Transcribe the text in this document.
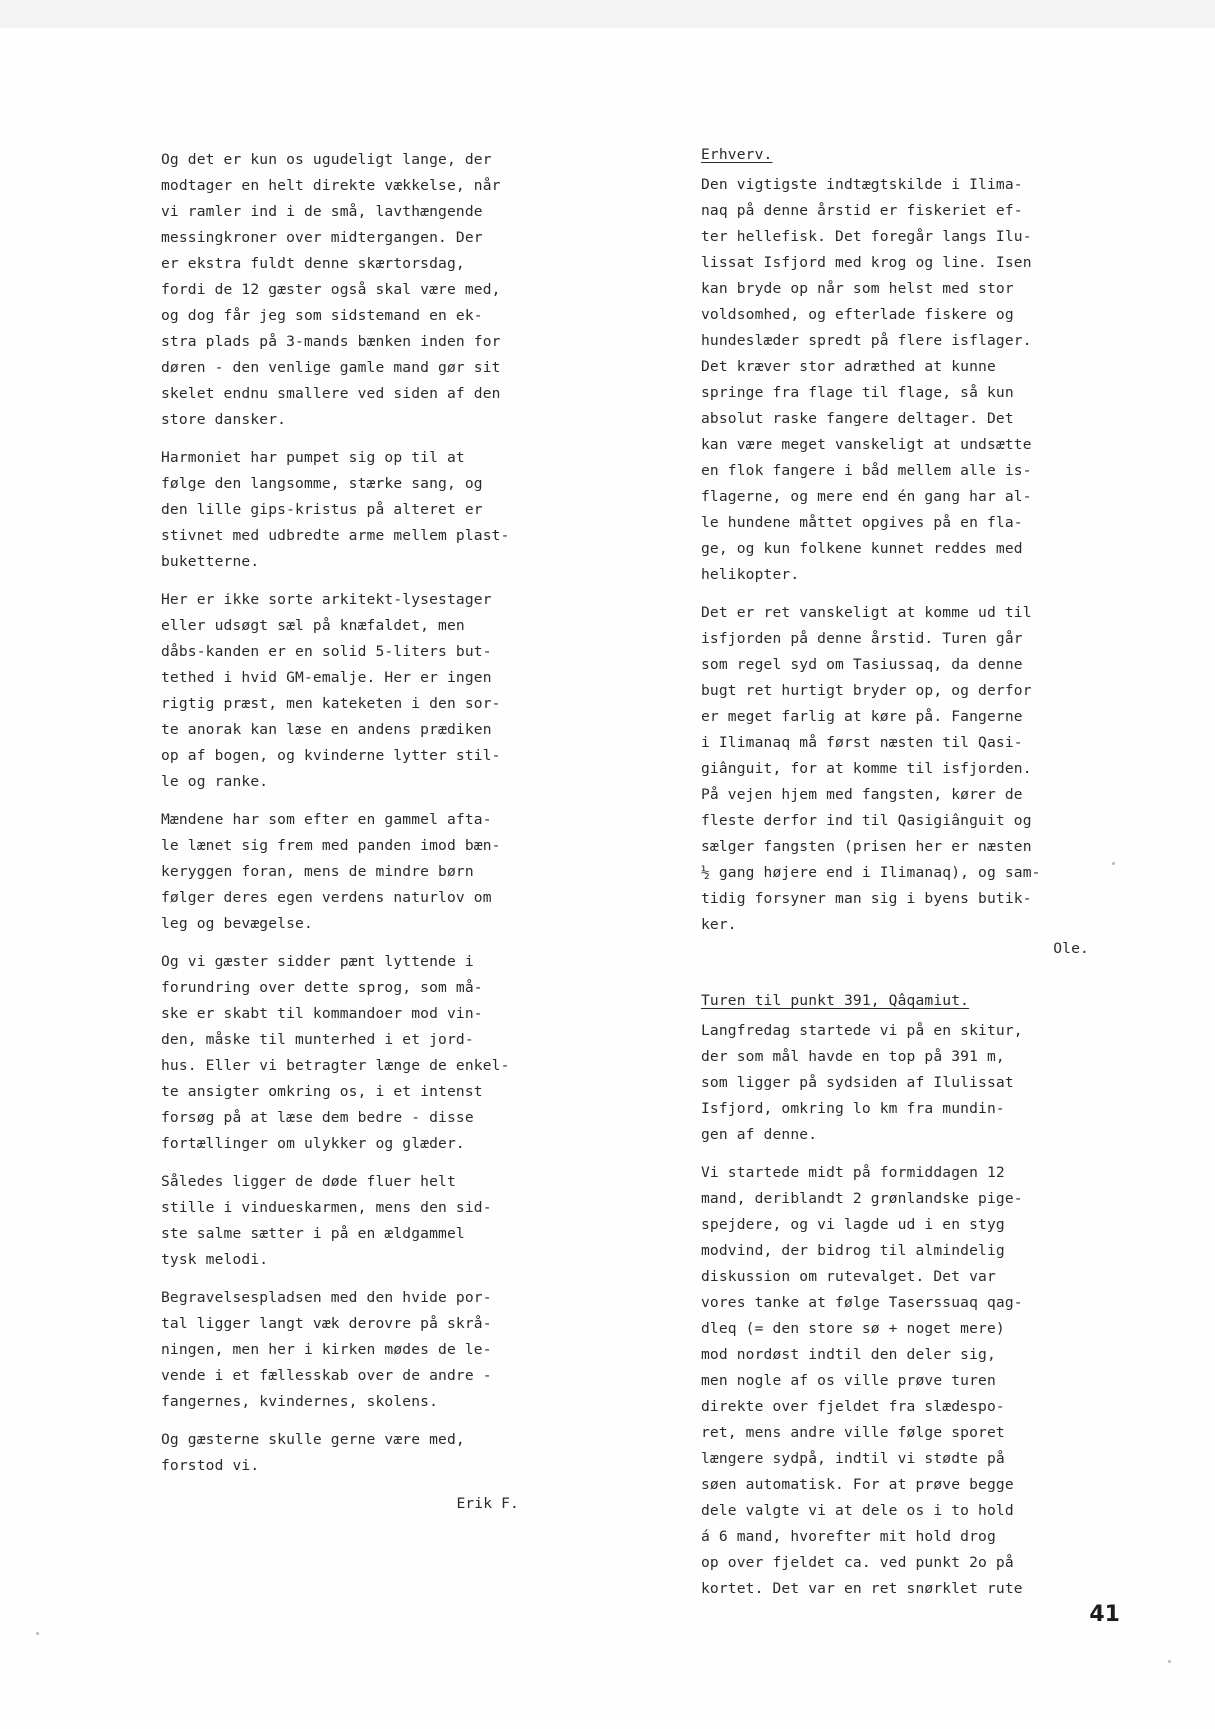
Og det er kun os ugudeligt lange, der
modtager en helt direkte vækkelse, når
vi ramler ind i de små, lavthængende
messingkroner over midtergangen. Der
er ekstra fuldt denne skærtorsdag,
fordi de 12 gæster også skal være med,
og dog får jeg som sidstemand en ek-
stra plads på 3-mands bænken inden for
døren - den venlige gamle mand gør sit
skelet endnu smallere ved siden af den
store dansker.
Harmoniet har pumpet sig op til at
følge den langsomme, stærke sang, og
den lille gips-kristus på alteret er
stivnet med udbredte arme mellem plast-
buketterne.
Her er ikke sorte arkitekt-lysestager
eller udsøgt sæl på knæfaldet, men
dåbs-kanden er en solid 5-liters but-
tethed i hvid GM-emalje. Her er ingen
rigtig præst, men kateketen i den sor-
te anorak kan læse en andens prædiken
op af bogen, og kvinderne lytter stil-
le og ranke.
Mændene har som efter en gammel afta-
le lænet sig frem med panden imod bæn-
keryggen foran, mens de mindre børn
følger deres egen verdens naturlov om
leg og bevægelse.
Og vi gæster sidder pænt lyttende i
forundring over dette sprog, som må-
ske er skabt til kommandoer mod vin-
den, måske til munterhed i et jord-
hus. Eller vi betragter længe de enkel-
te ansigter omkring os, i et intenst
forsøg på at læse dem bedre - disse
fortællinger om ulykker og glæder.
Således ligger de døde fluer helt
stille i vindueskarmen, mens den sid-
ste salme sætter i på en ældgammel
tysk melodi.
Begravelsespladsen med den hvide por-
tal ligger langt væk derovre på skrå-
ningen, men her i kirken mødes de le-
vende i et fællesskab over de andre -
fangernes, kvindernes, skolens.
Og gæsterne skulle gerne være med,
forstod vi.
Erik F.
Erhverv.
Den vigtigste indtægtskilde i Ilima-
naq på denne årstid er fiskeriet ef-
ter hellefisk. Det foregår langs Ilu-
lissat Isfjord med krog og line. Isen
kan bryde op når som helst med stor
voldsomhed, og efterlade fiskere og
hundeslæder spredt på flere isflager.
Det kræver stor adræthed at kunne
springe fra flage til flage, så kun
absolut raske fangere deltager. Det
kan være meget vanskeligt at undsætte
en flok fangere i båd mellem alle is-
flagerne, og mere end én gang har al-
le hundene måttet opgives på en fla-
ge, og kun folkene kunnet reddes med
helikopter.
Det er ret vanskeligt at komme ud til
isfjorden på denne årstid. Turen går
som regel syd om Tasiussaq, da denne
bugt ret hurtigt bryder op, og derfor
er meget farlig at køre på. Fangerne
i Ilimanaq må først næsten til Qasi-
giânguit, for at komme til isfjorden.
På vejen hjem med fangsten, kører de
fleste derfor ind til Qasigiânguit og
sælger fangsten (prisen her er næsten
½ gang højere end i Ilimanaq), og sam-
tidig forsyner man sig i byens butik-
ker.
Ole.
Turen til punkt 391, Qâqamiut.
Langfredag startede vi på en skitur,
der som mål havde en top på 391 m,
som ligger på sydsiden af Ilulissat
Isfjord, omkring lo km fra mundin-
gen af denne.
Vi startede midt på formiddagen 12
mand, deriblandt 2 grønlandske pige-
spejdere, og vi lagde ud i en styg
modvind, der bidrog til almindelig
diskussion om rutevalget. Det var
vores tanke at følge Taserssuaq qag-
dleq (= den store sø + noget mere)
mod nordøst indtil den deler sig,
men nogle af os ville prøve turen
direkte over fjeldet fra slædespo-
ret, mens andre ville følge sporet
længere sydpå, indtil vi stødte på
søen automatisk. For at prøve begge
dele valgte vi at dele os i to hold
á 6 mand, hvorefter mit hold drog
op over fjeldet ca. ved punkt 2o på
kortet. Det var en ret snørklet rute
41
